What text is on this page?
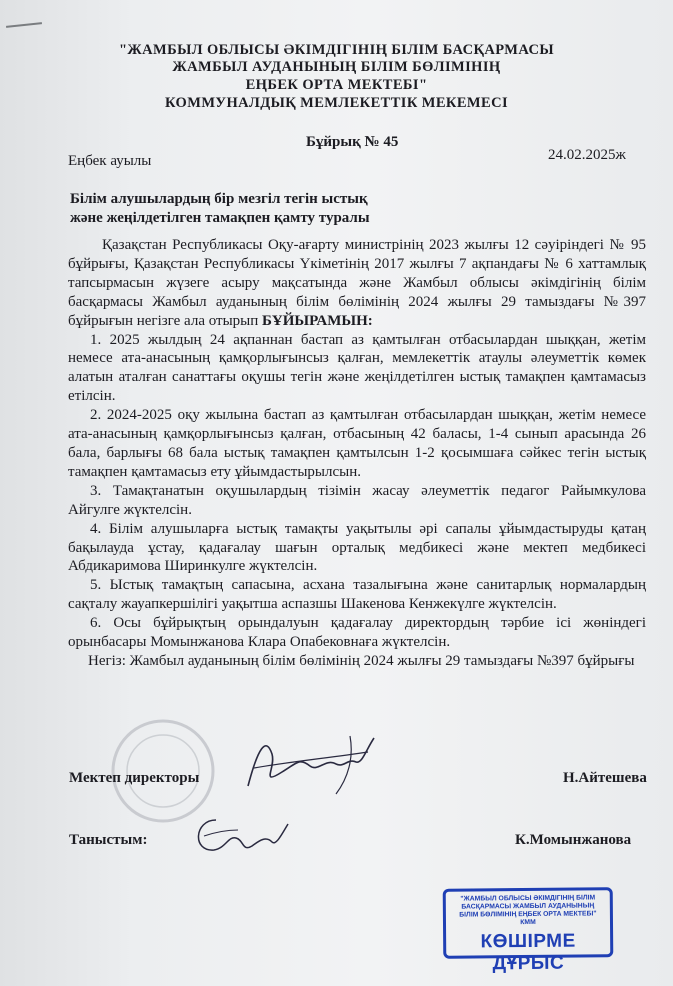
"ЖАМБЫЛ ОБЛЫСЫ ӘКІМДІГІНІҢ БІЛІМ БАСҚАРМАСЫ
ЖАМБЫЛ АУДАНЫНЫҢ БІЛІМ БӨЛІМІНІҢ
ЕҢБЕК ОРТА МЕКТЕБІ"
КОММУНАЛДЫҚ МЕМЛЕКЕТТІК МЕКЕМЕСІ
Бұйрық № 45
Еңбек ауылы	24.02.2025ж
Білім алушылардың бір мезгіл тегін ыстық
және жеңілдетілген тамақпен қамту туралы

Қазақстан Республикасы Оқу-ағарту министрінің 2023 жылғы 12 сәуіріндегі № 95 бұйрығы, Қазақстан Республикасы Үкіметінің 2017 жылғы 7 ақпандағы № 6 хаттамлық тапсырмасын жүзеге асыру мақсатында және Жамбыл облысы әкімдігінің білім басқармасы Жамбыл ауданының білім бөлімінің 2024 жылғы 29 тамыздағы №397 бұйрығын негізге ала отырып БҰЙЫРАМЫН:

1. 2025 жылдың 24 ақпаннан бастап аз қамтылған отбасылардан шыққан, жетім немесе ата-анасының қамқорлығынсыз қалған, мемлекеттік атаулы әлеуметтік көмек алатын аталған санаттағы оқушы тегін және жеңілдетілген ыстық тамақпен қамтамасыз етілсін.

2. 2024-2025 оқу жылына бастап аз қамтылған отбасылардан шыққан, жетім немесе ата-анасының қамқорлығынсыз қалған, отбасының 42 баласы, 1-4 сынып арасында 26 бала, барлығы 68 бала ыстық тамақпен қамтылсын 1-2 қосымшаға сәйкес тегін ыстық тамақпен қамтамасыз ету ұйымдастырылсын.

3. Тамақтанатын оқушылардың тізімін жасау әлеуметтік педагог Райымкулова Айгулге жүктелсін.

4. Білім алушыларға ыстық тамақты уақытылы әрі сапалы ұйымдастыруды қатаң бақылауда ұстау, қадағалау шағын орталық медбикесі және мектеп медбикесі Абдикаримова Ширинкулге жүктелсін.

5. Ыстық тамақтың сапасына, асхана тазалығына және санитарлық нормалардың сақталу жауапкершілігі уақытша аспазшы Шакенова Кенжекүлге жүктелсін.

6. Осы бұйрықтың орындалуын қадағалау директордың тәрбие ісі жөніндегі орынбасары Момынжанова Клара Опабековнаға жүктелсін.

Негіз: Жамбыл ауданының білім бөлімінің 2024 жылғы 29 тамыздағы №397 бұйрығы

Мектеп директоры	Н.Айтешева
Таныстым:	К.Момынжанова
"ЖАМБЫЛ ОБЛЫСЫ ӘКІМДІГІНІҢ БІЛІМ БАСҚАРМАСЫ ЖАМБЫЛ АУДАНЫНЫҢ БІЛІМ БӨЛІМІНІҢ ЕҢБЕК ОРТА МЕКТЕБІ" КММ
КӨШІРМЕ ДҰРЫС
